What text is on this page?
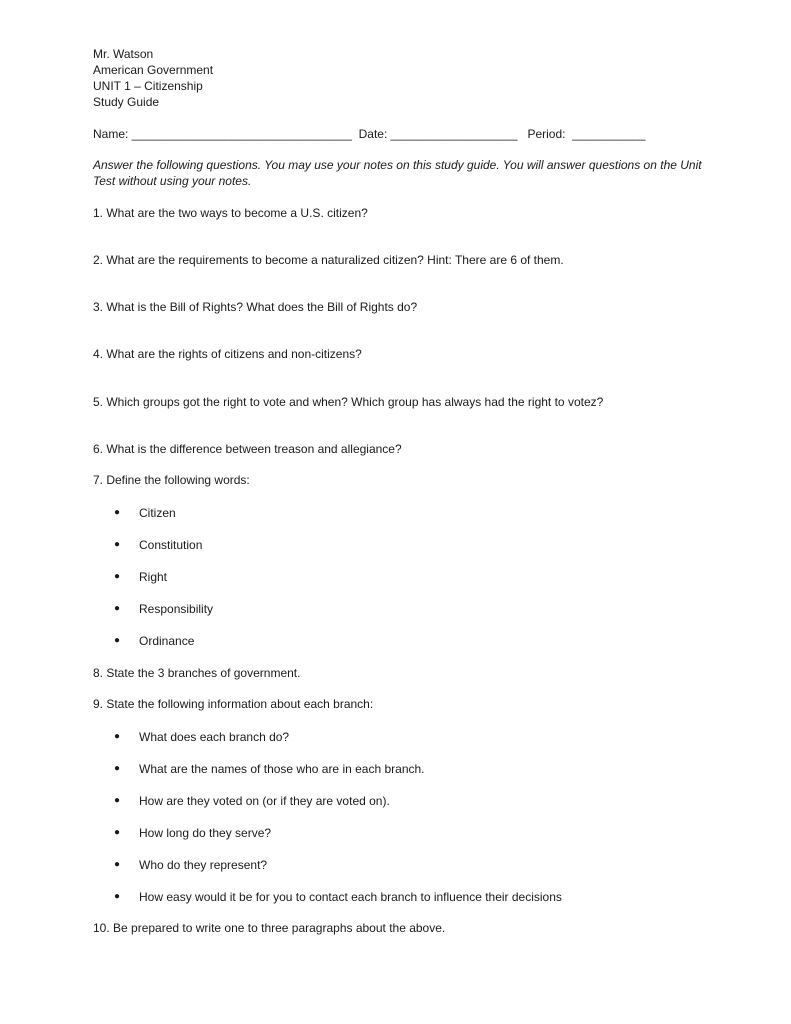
Mr. Watson
American Government
UNIT 1 – Citizenship
Study Guide
Name: _________________________________ Date: ___________________ Period: ___________
Answer the following questions. You may use your notes on this study guide. You will answer questions on the Unit Test without using your notes.
1. What are the two ways to become a U.S. citizen?
2. What are the requirements to become a naturalized citizen? Hint: There are 6 of them.
3. What is the Bill of Rights? What does the Bill of Rights do?
4. What are the rights of citizens and non-citizens?
5. Which groups got the right to vote and when? Which group has always had the right to votez?
6. What is the difference between treason and allegiance?
7. Define the following words:
●	Citizen
●	Constitution
●	Right
●	Responsibility
●	Ordinance
8. State the 3 branches of government.
9. State the following information about each branch:
●	What does each branch do?
●	What are the names of those who are in each branch.
●	How are they voted on (or if they are voted on).
●	How long do they serve?
●	Who do they represent?
●	How easy would it be for you to contact each branch to influence their decisions
10. Be prepared to write one to three paragraphs about the above.
